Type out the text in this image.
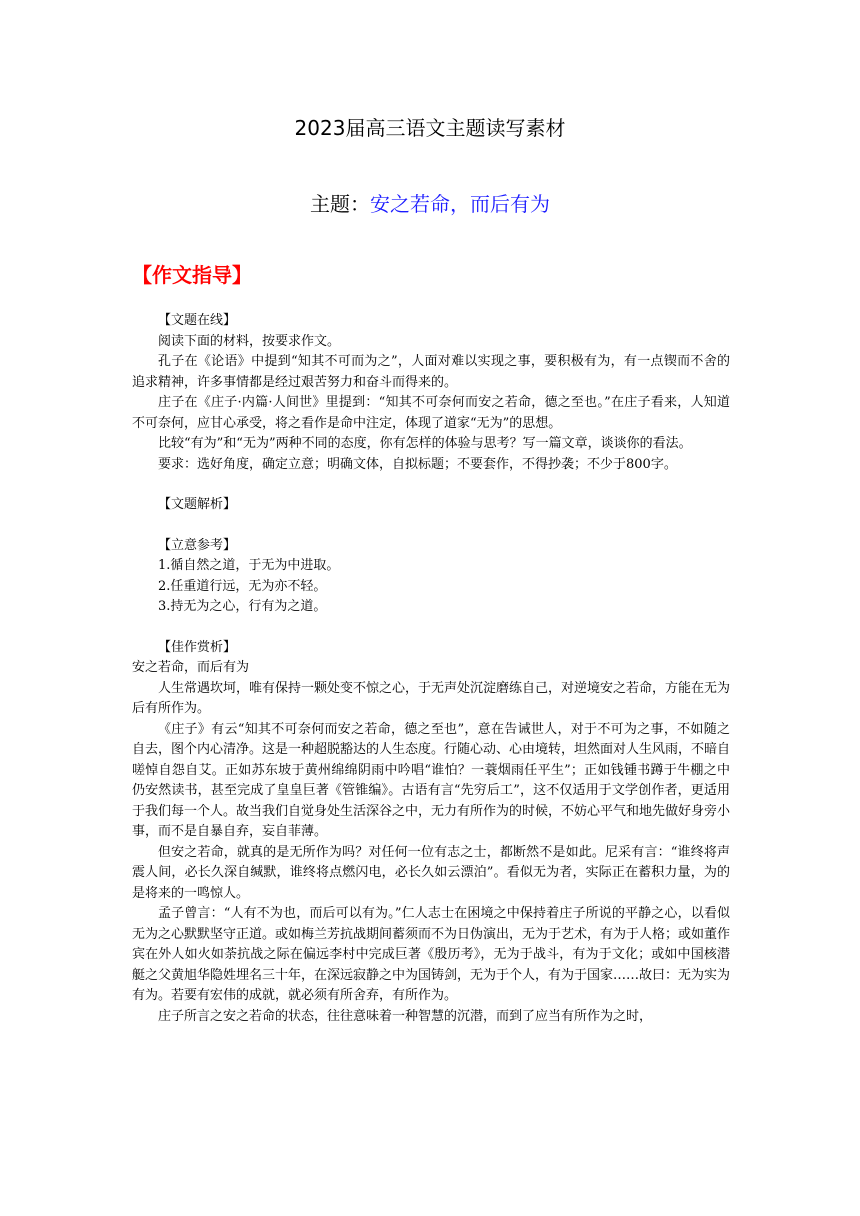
2023届高三语文主题读写素材
主题：安之若命，而后有为
【作文指导】

【文题在线】

阅读下面的材料，按要求作文。

孔子在《论语》中提到“知其不可而为之”，人面对难以实现之事，要积极有为，有一点锲而不舍的追求精神，许多事情都是经过艰苦努力和奋斗而得来的。

庄子在《庄子·内篇·人间世》里提到：“知其不可奈何而安之若命，德之至也。”在庄子看来，人知道不可奈何，应甘心承受，将之看作是命中注定，体现了道家“无为”的思想。

比较“有为”和“无为”两种不同的态度，你有怎样的体验与思考？写一篇文章，谈谈你的看法。

要求：选好角度，确定立意；明确文体，自拟标题；不要套作，不得抄袭；不少于800字。

【文题解析】

【立意参考】

1.循自然之道，于无为中进取。

2.任重道行远，无为亦不轻。

3.持无为之心，行有为之道。

【佳作赏析】

安之若命，而后有为

人生常遇坎坷，唯有保持一颗处变不惊之心，于无声处沉淀磨练自己，对逆境安之若命，方能在无为后有所作为。

《庄子》有云“知其不可奈何而安之若命，德之至也”，意在告诫世人，对于不可为之事，不如随之自去，图个内心清净。这是一种超脱豁达的人生态度。行随心动、心由境转，坦然面对人生风雨，不暗自嗟悼自怨自艾。正如苏东坡于黄州绵绵阴雨中吟唱“谁怕？一蓑烟雨任平生”；正如钱锺书蹲于牛棚之中仍安然读书，甚至完成了皇皇巨著《管锥编》。古语有言“先穷后工”，这不仅适用于文学创作者，更适用于我们每一个人。故当我们自觉身处生活深谷之中，无力有所作为的时候，不妨心平气和地先做好身旁小事，而不是自暴自弃，妄自菲薄。

但安之若命，就真的是无所作为吗？对任何一位有志之士，都断然不是如此。尼采有言：“谁终将声震人间，必长久深自缄默，谁终将点燃闪电，必长久如云漂泊”。看似无为者，实际正在蓄积力量，为的是将来的一鸣惊人。

孟子曾言：“人有不为也，而后可以有为。”仁人志士在困境之中保持着庄子所说的平静之心，以看似无为之心默默坚守正道。或如梅兰芳抗战期间蓄须而不为日伪演出，无为于艺术，有为于人格；或如董作宾在外人如火如荼抗战之际在偏远李村中完成巨著《殷历考》，无为于战斗，有为于文化；或如中国核潜艇之父黄旭华隐姓埋名三十年，在深远寂静之中为国铸剑，无为于个人，有为于国家……故曰：无为实为有为。若要有宏伟的成就，就必须有所舍弃，有所作为。

庄子所言之安之若命的状态，往往意味着一种智慧的沉潜，而到了应当有所作为之时，
